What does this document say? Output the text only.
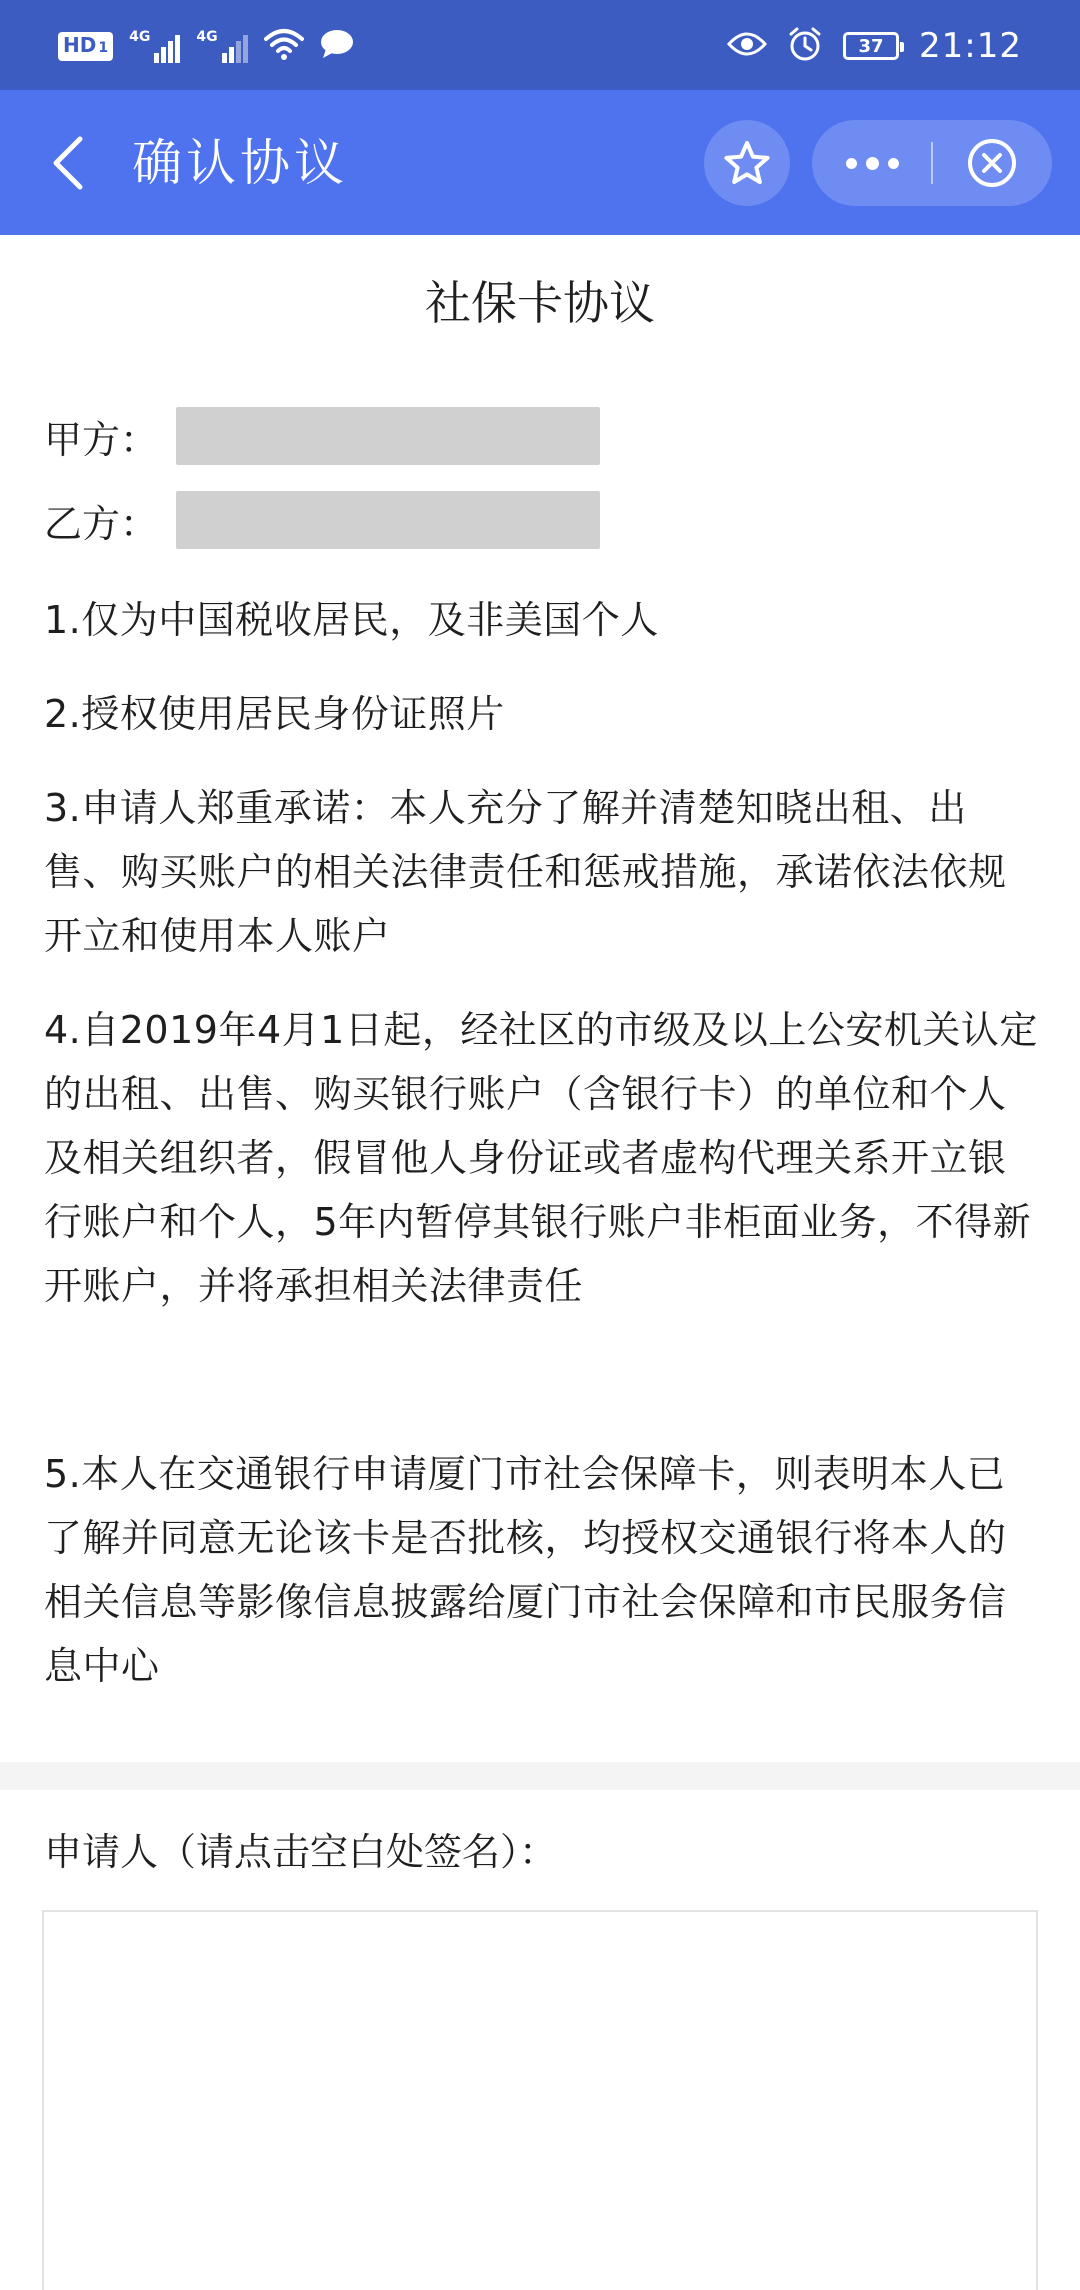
HD 1
4G	4G	37 21:12
确认协议
社保卡协议
甲方：
乙方：
1.仅为中国税收居民，及非美国个人
2.授权使用居民身份证照片
3.申请人郑重承诺：本人充分了解并清楚知晓出租、出售、购买账户的相关法律责任和惩戒措施，承诺依法依规开立和使用本人账户
4.自2019年4月1日起，经社区的市级及以上公安机关认定的出租、出售、购买银行账户（含银行卡）的单位和个人及相关组织者，假冒他人身份证或者虚构代理关系开立银行账户和个人，5年内暂停其银行账户非柜面业务，不得新开账户，并将承担相关法律责任
5.本人在交通银行申请厦门市社会保障卡，则表明本人已了解并同意无论该卡是否批核，均授权交通银行将本人的相关信息等影像信息披露给厦门市社会保障和市民服务信息中心
申请人（请点击空白处签名）：
